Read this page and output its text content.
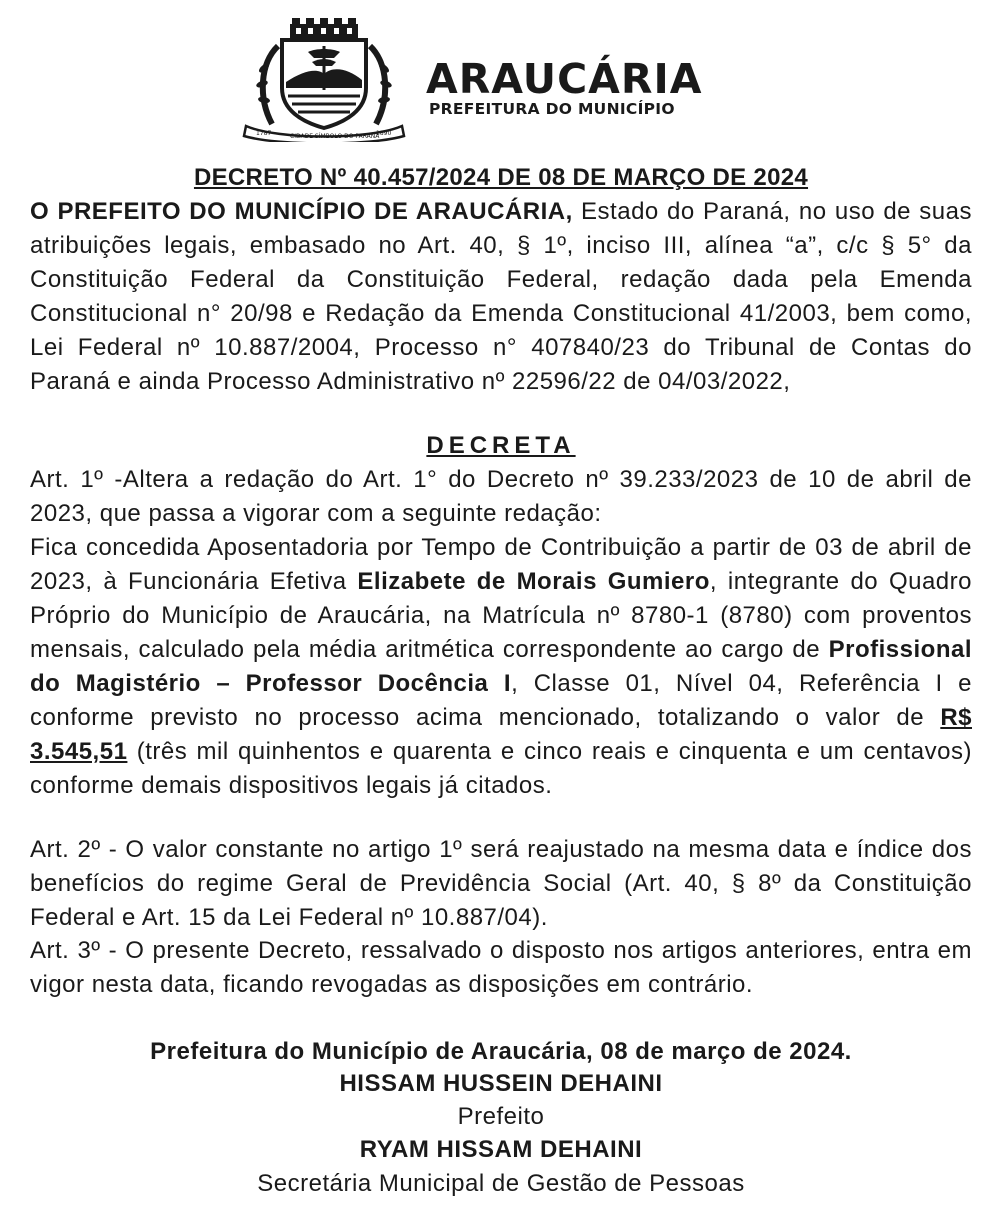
1787	CIDADE SÍMBOLO DO PARANÁ
1890
ARAUCÁRIA
PREFEITURA DO MUNICÍPIO
DECRETO Nº 40.457/2024 DE 08 DE MARÇO DE 2024
O PREFEITO DO MUNICÍPIO DE ARAUCÁRIA, Estado do Paraná, no uso de suas atribuições legais, embasado no Art. 40, § 1º, inciso III, alínea “a”, c/c § 5° da Constituição Federal da Constituição Federal, redação dada pela Emenda Constitucional n° 20/98 e Redação da Emenda Constitucional 41/2003, bem como, Lei Federal nº 10.887/2004, Processo n° 407840/23 do Tribunal de Contas do Paraná e ainda Processo Administrativo nº 22596/22 de 04/03/2022,
DECRETA
Art. 1º -Altera a redação do Art. 1° do Decreto nº 39.233/2023 de 10 de abril de 2023, que passa a vigorar com a seguinte redação:
Fica concedida Aposentadoria por Tempo de Contribuição a partir de 03 de abril de 2023, à Funcionária Efetiva Elizabete de Morais Gumiero, integrante do Quadro Próprio do Município de Araucária, na Matrícula nº 8780-1 (8780) com proventos mensais, calculado pela média aritmética correspondente ao cargo de Profissional do Magistério – Professor Docência I, Classe 01, Nível 04, Referência I e conforme previsto no processo acima mencionado, totalizando o valor de R$ 3.545,51 (três mil quinhentos e quarenta e cinco reais e cinquenta e um centavos) conforme demais dispositivos legais já citados.
Art. 2º - O valor constante no artigo 1º será reajustado na mesma data e índice dos benefícios do regime Geral de Previdência Social (Art. 40, § 8º da Constituição Federal e Art. 15 da Lei Federal nº 10.887/04).
Art. 3º - O presente Decreto, ressalvado o disposto nos artigos anteriores, entra em vigor nesta data, ficando revogadas as disposições em contrário.
Prefeitura do Município de Araucária, 08 de março de 2024.
HISSAM HUSSEIN DEHAINI
Prefeito
RYAM HISSAM DEHAINI
Secretária Municipal de Gestão de Pessoas
